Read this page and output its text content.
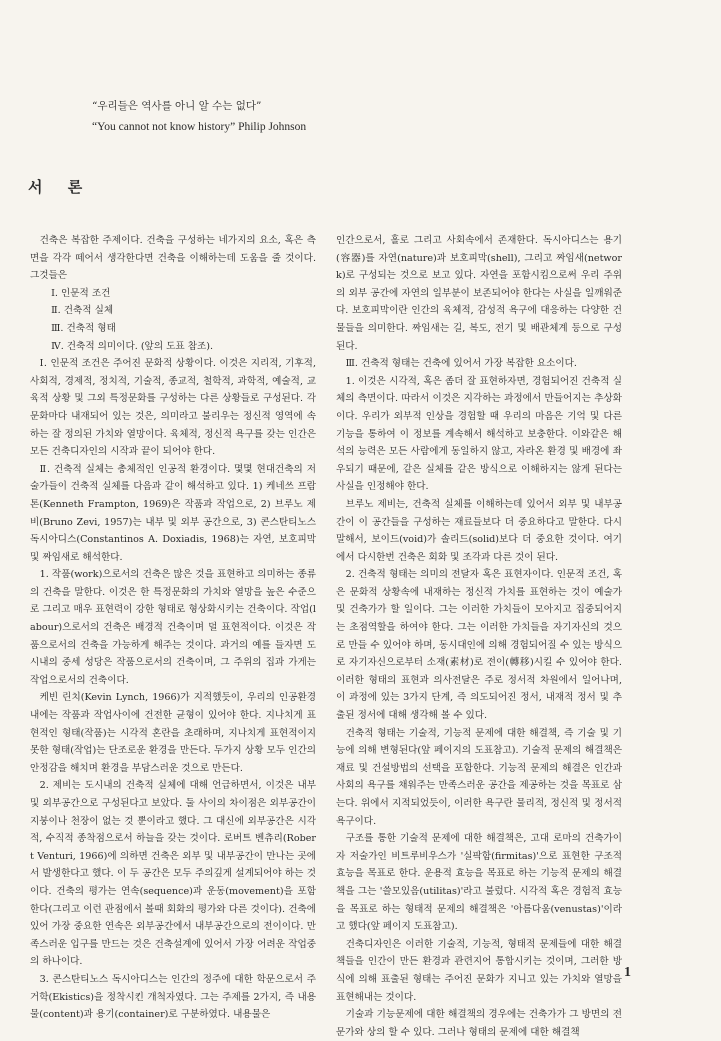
“우리들은 역사를 아니 알 수는 없다”
“You cannot not know history” Philip Johnson
서 론

건축은 복잡한 주제이다. 건축을 구성하는 네가지의 요소, 혹은 측면을 각각 떼어서 생각한다면 건축을 이해하는데 도움을 줄 것이다. 그것들은

Ⅰ. 인문적 조건

Ⅱ. 건축적 실체

Ⅲ. 건축적 형태

Ⅳ. 건축적 의미이다. (앞의 도표 참조).

Ⅰ. 인문적 조건은 주어진 문화적 상황이다. 이것은 지리적, 기후적, 사회적, 경제적, 정치적, 기술적, 종교적, 철학적, 과학적, 예술적, 교육적 상황 및 그외 특정문화를 구성하는 다른 상황들로 구성된다. 각 문화마다 내재되어 있는 것은, 의미라고 불리우는 정신적 영역에 속하는 잘 정의된 가치와 열망이다. 육체적, 정신적 욕구를 갖는 인간은 모든 건축디자인의 시작과 끝이 되어야 한다.

Ⅱ. 건축적 실체는 총체적인 인공적 환경이다. 몇몇 현대건축의 저술가들이 건축적 실체를 다음과 같이 해석하고 있다. 1) 케네쓰 프람톤(Kenneth Frampton, 1969)은 작품과 작업으로, 2) 브루노 제비(Bruno Zevi, 1957)는 내부 및 외부 공간으로, 3) 콘스탄티노스 독시아디스(Constantinos A. Doxiadis, 1968)는 자연, 보호피막 및 짜임새로 해석한다.

1. 작품(work)으로서의 건축은 많은 것을 표현하고 의미하는 종류의 건축을 말한다. 이것은 한 특정문화의 가치와 열망을 높은 수준으로 그리고 매우 표현력이 강한 형태로 형상화시키는 건축이다. 작업(labour)으로서의 건축은 배경적 건축이며 덜 표현적이다. 이것은 작품으로서의 건축을 가능하게 해주는 것이다. 과거의 예를 들자면 도시내의 중세 성당은 작품으로서의 건축이며, 그 주위의 집과 가게는 작업으로서의 건축이다.

케빈 린치(Kevin Lynch, 1966)가 지적했듯이, 우리의 인공환경내에는 작품과 작업사이에 건전한 균형이 있어야 한다. 지나치게 표현적인 형태(작품)는 시각적 혼란을 초래하며, 지나치게 표현적이지 못한 형태(작업)는 단조로운 환경을 만든다. 두가지 상황 모두 인간의 안정감을 해치며 환경을 부담스러운 것으로 만든다.

2. 제비는 도시내의 건축적 실체에 대해 언급하면서, 이것은 내부 및 외부공간으로 구성된다고 보았다. 둘 사이의 차이점은 외부공간이 지붕이나 천장이 없는 것 뿐이라고 했다. 그 대신에 외부공간은 시각적, 수직적 종착점으로서 하늘을 갖는 것이다. 로버트 벤츄리(Robert Venturi, 1966)에 의하면 건축은 외부 및 내부공간이 만나는 곳에서 발생한다고 했다. 이 두 공간은 모두 주의깊게 설계되어야 하는 것이다. 건축의 평가는 연속(sequence)과 운동(movement)을 포함한다(그리고 이런 관점에서 볼때 회화의 평가와 다른 것이다). 건축에 있어 가장 중요한 연속은 외부공간에서 내부공간으로의 전이이다. 만족스러운 입구를 만드는 것은 건축설계에 있어서 가장 어려운 작업중의 하나이다.

3. 콘스탄티노스 독시아디스는 인간의 정주에 대한 학문으로서 주거학(Ekistics)을 정착시킨 개척자였다. 그는 주제를 2가지, 즉 내용물(content)과 용기(container)로 구분하였다. 내용물은

인간으로서, 홀로 그리고 사회속에서 존재한다. 독시아디스는 용기(容器)를 자연(nature)과 보호피막(shell), 그리고 짜임새(network)로 구성되는 것으로 보고 있다. 자연을 포함시킴으로써 우리 주위의 외부 공간에 자연의 일부분이 보존되어야 한다는 사실을 일깨워준다. 보호피막이란 인간의 육체적, 감성적 욕구에 대응하는 다양한 건물들을 의미한다. 짜임새는 길, 복도, 전기 및 배관체계 등으로 구성된다.

Ⅲ. 건축적 형태는 건축에 있어서 가장 복잡한 요소이다.

1. 이것은 시각적, 혹은 좀더 잘 표현하자면, 경험되어진 건축적 실체의 측면이다. 따라서 이것은 지각하는 과정에서 만들어지는 추상화이다. 우리가 외부적 인상을 경험할 때 우리의 마음은 기억 및 다른 기능을 통하여 이 정보를 계속해서 해석하고 보충한다. 이와같은 해석의 능력은 모든 사람에게 동일하지 않고, 자라온 환경 및 배경에 좌우되기 때문에, 같은 실체를 같은 방식으로 이해하지는 않게 된다는 사실을 인정해야 한다.

브루노 제비는, 건축적 실체를 이해하는데 있어서 외부 및 내부공간이 이 공간들을 구성하는 재료들보다 더 중요하다고 말한다. 다시말해서, 보이드(void)가 솔리드(solid)보다 더 중요한 것이다. 여기에서 다시한번 건축은 회화 및 조각과 다른 것이 된다.

2. 건축적 형태는 의미의 전달자 혹은 표현자이다. 인문적 조건, 혹은 문화적 상황속에 내재하는 정신적 가치를 표현하는 것이 예술가 및 건축가가 할 일이다. 그는 이러한 가치들이 모아지고 집중되어지는 초점역할을 하여야 한다. 그는 이러한 가치들을 자기자신의 것으로 만들 수 있어야 하며, 동시대인에 의해 경험되어질 수 있는 방식으로 자기자신으로부터 소재(素材)로 전이(轉移)시킬 수 있어야 한다. 이러한 형태의 표현과 의사전달은 주로 정서적 차원에서 일어나며, 이 과정에 있는 3가지 단계, 즉 의도되어진 정서, 내재적 정서 및 추출된 정서에 대해 생각해 볼 수 있다.

건축적 형태는 기술적, 기능적 문제에 대한 해결책, 즉 기술 및 기능에 의해 변형된다(앞 페이지의 도표참고). 기술적 문제의 해결책은 재료 및 건설방법의 선택을 포함한다. 기능적 문제의 해결은 인간과 사회의 욕구를 채워주는 만족스러운 공간을 제공하는 것을 목표로 삼는다. 위에서 지적되었듯이, 이러한 욕구란 물리적, 정신적 및 정서적 욕구이다.

구조를 통한 기술적 문제에 대한 해결책은, 고대 로마의 건축가이자 저술가인 비트루비우스가 '실팍함(firmitas)'으로 표현한 구조적 효능을 목표로 한다. 운용적 효능을 목표로 하는 기능적 문제의 해결책을 그는 '쓸모있음(utilitas)'라고 불렀다. 시각적 혹은 경험적 효능을 목표로 하는 형태적 문제의 해결책은 '아름다움(venustas)'이라고 했다(앞 페이지 도표참고).

건축디자인은 이러한 기술적, 기능적, 형태적 문제들에 대한 해결책들을 인간이 만든 환경과 관련지어 통합시키는 것이며, 그러한 방식에 의해 표출된 형태는 주어진 문화가 지니고 있는 가치와 열망을 표현해내는 것이다.

기술과 기능문제에 대한 해결책의 경우에는 건축가가 그 방면의 전문가와 상의 할 수 있다. 그러나 형태의 문제에 대한 해결책

1
